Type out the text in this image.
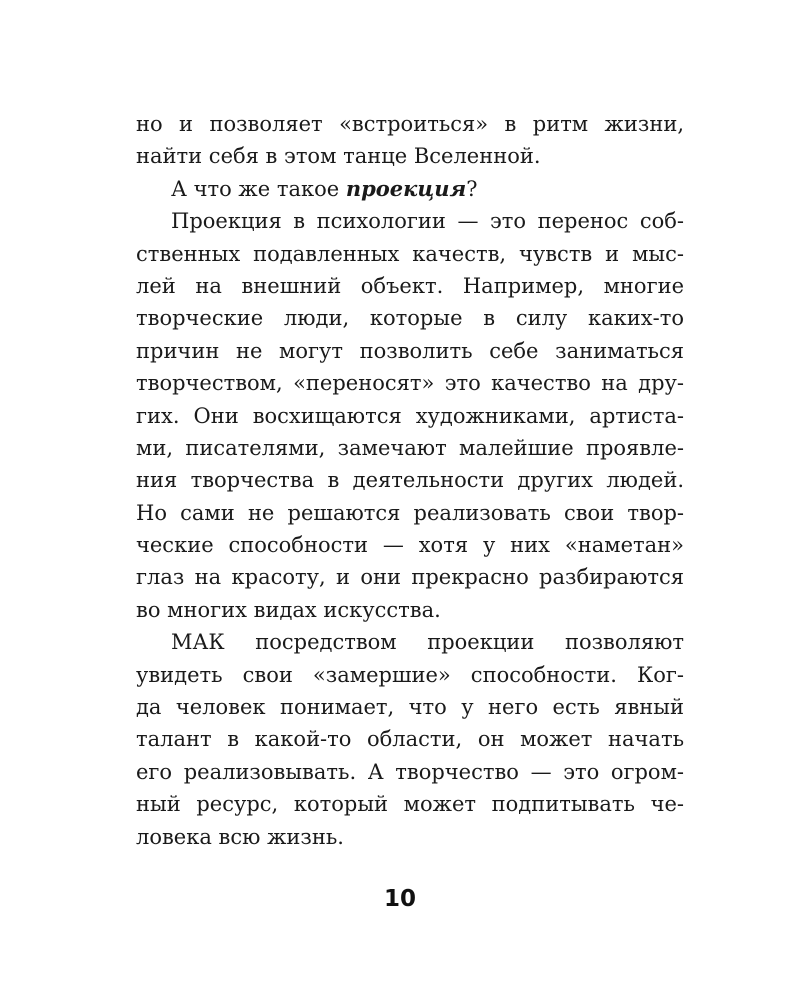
но и позволяет «встроиться» в ритм жизни,
найти себя в этом танце Вселенной.
А что же такое проекция?
Проекция в психологии — это перенос соб-
ственных подавленных качеств, чувств и мыс-
лей на внешний объект. Например, многие
творческие люди, которые в силу каких-то
причин не могут позволить себе заниматься
творчеством, «переносят» это качество на дру-
гих. Они восхищаются художниками, артиста-
ми, писателями, замечают малейшие проявле-
ния творчества в деятельности других людей.
Но сами не решаются реализовать свои твор-
ческие способности — хотя у них «наметан»
глаз на красоту, и они прекрасно разбираются
во многих видах искусства.
МАК посредством проекции позволяют
увидеть свои «замершие» способности. Ког-
да человек понимает, что у него есть явный
талант в какой-то области, он может начать
его реализовывать. А творчество — это огром-
ный ресурс, который может подпитывать че-
ловека всю жизнь.
10
